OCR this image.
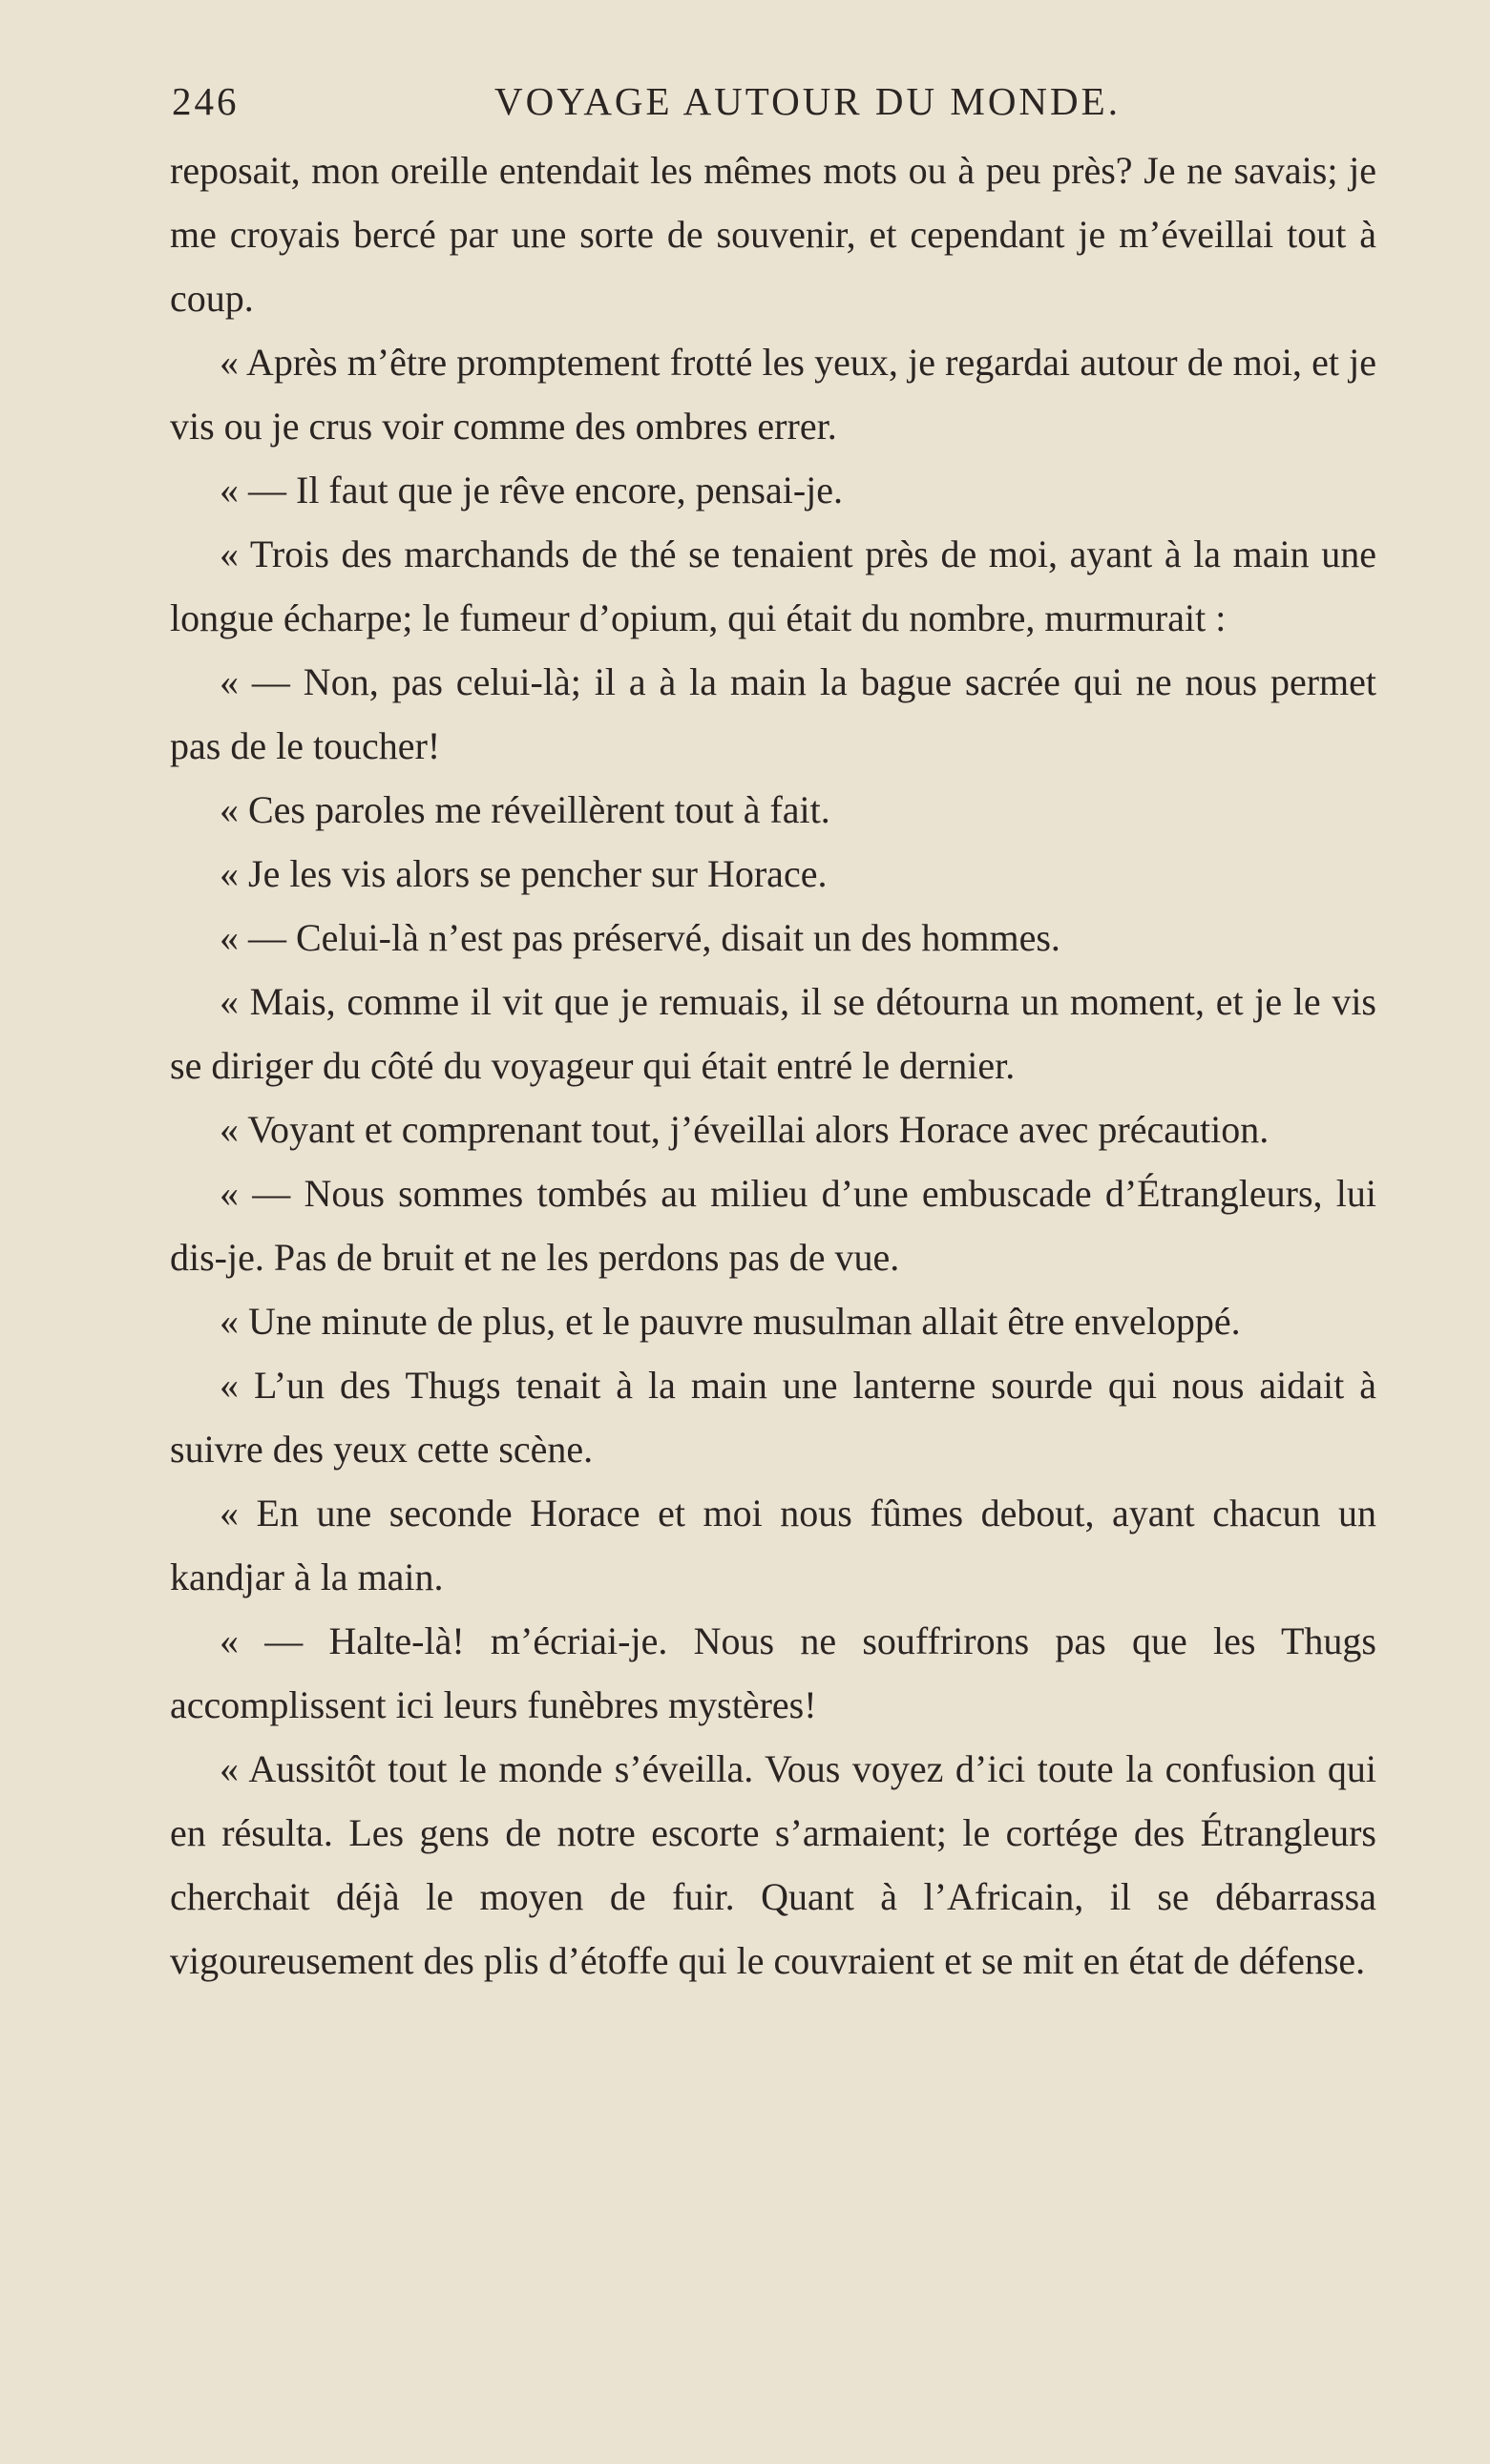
246	VOYAGE AUTOUR DU MONDE.

reposait, mon oreille entendait les mêmes mots ou à peu près? Je ne savais; je me croyais bercé par une sorte de souvenir, et cependant je m’éveillai tout à coup.

« Après m’être promptement frotté les yeux, je regardai autour de moi, et je vis ou je crus voir comme des ombres errer.

« — Il faut que je rêve encore, pensai-je.

« Trois des marchands de thé se tenaient près de moi, ayant à la main une longue écharpe; le fumeur d’opium, qui était du nombre, murmurait :

« — Non, pas celui-là; il a à la main la bague sacrée qui ne nous permet pas de le toucher!

« Ces paroles me réveillèrent tout à fait.

« Je les vis alors se pencher sur Horace.

« — Celui-là n’est pas préservé, disait un des hommes.

« Mais, comme il vit que je remuais, il se détourna un moment, et je le vis se diriger du côté du voyageur qui était entré le dernier.

« Voyant et comprenant tout, j’éveillai alors Horace avec précaution.

« — Nous sommes tombés au milieu d’une embuscade d’Étrangleurs, lui dis-je. Pas de bruit et ne les perdons pas de vue.

« Une minute de plus, et le pauvre musulman allait être enveloppé.

« L’un des Thugs tenait à la main une lanterne sourde qui nous aidait à suivre des yeux cette scène.

« En une seconde Horace et moi nous fûmes debout, ayant chacun un kandjar à la main.

« — Halte-là! m’écriai-je. Nous ne souffrirons pas que les Thugs accomplissent ici leurs funèbres mystères!

« Aussitôt tout le monde s’éveilla. Vous voyez d’ici toute la confusion qui en résulta. Les gens de notre escorte s’armaient; le cortége des Étrangleurs cherchait déjà le moyen de fuir. Quant à l’Africain, il se débarrassa vigoureusement des plis d’étoffe qui le couvraient et se mit en état de défense.
